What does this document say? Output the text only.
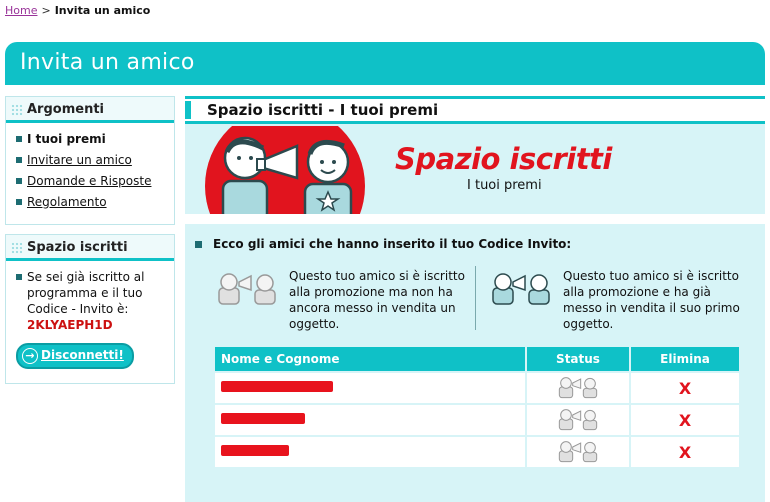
Home > Invita un amico
Invita un amico
Argomenti
I tuoi premi
Invitare un amico
Domande e Risposte
Regolamento
Spazio iscritti
Se sei già iscritto al programma e il tuo Codice - Invito è:
2KLYAEPH1D
→ Disconnetti!
Spazio iscritti - I tuoi premi
Spazio iscritti
I tuoi premi
Ecco gli amici che hanno inserito il tuo Codice Invito:

Questo tuo amico si è iscritto alla promozione ma non ha ancora messo in vendita un oggetto.

Questo tuo amico si è iscritto alla promozione e ha già messo in vendita il suo primo oggetto.

Nome e Cognome	Status	Elimina
		X
		X
		X
